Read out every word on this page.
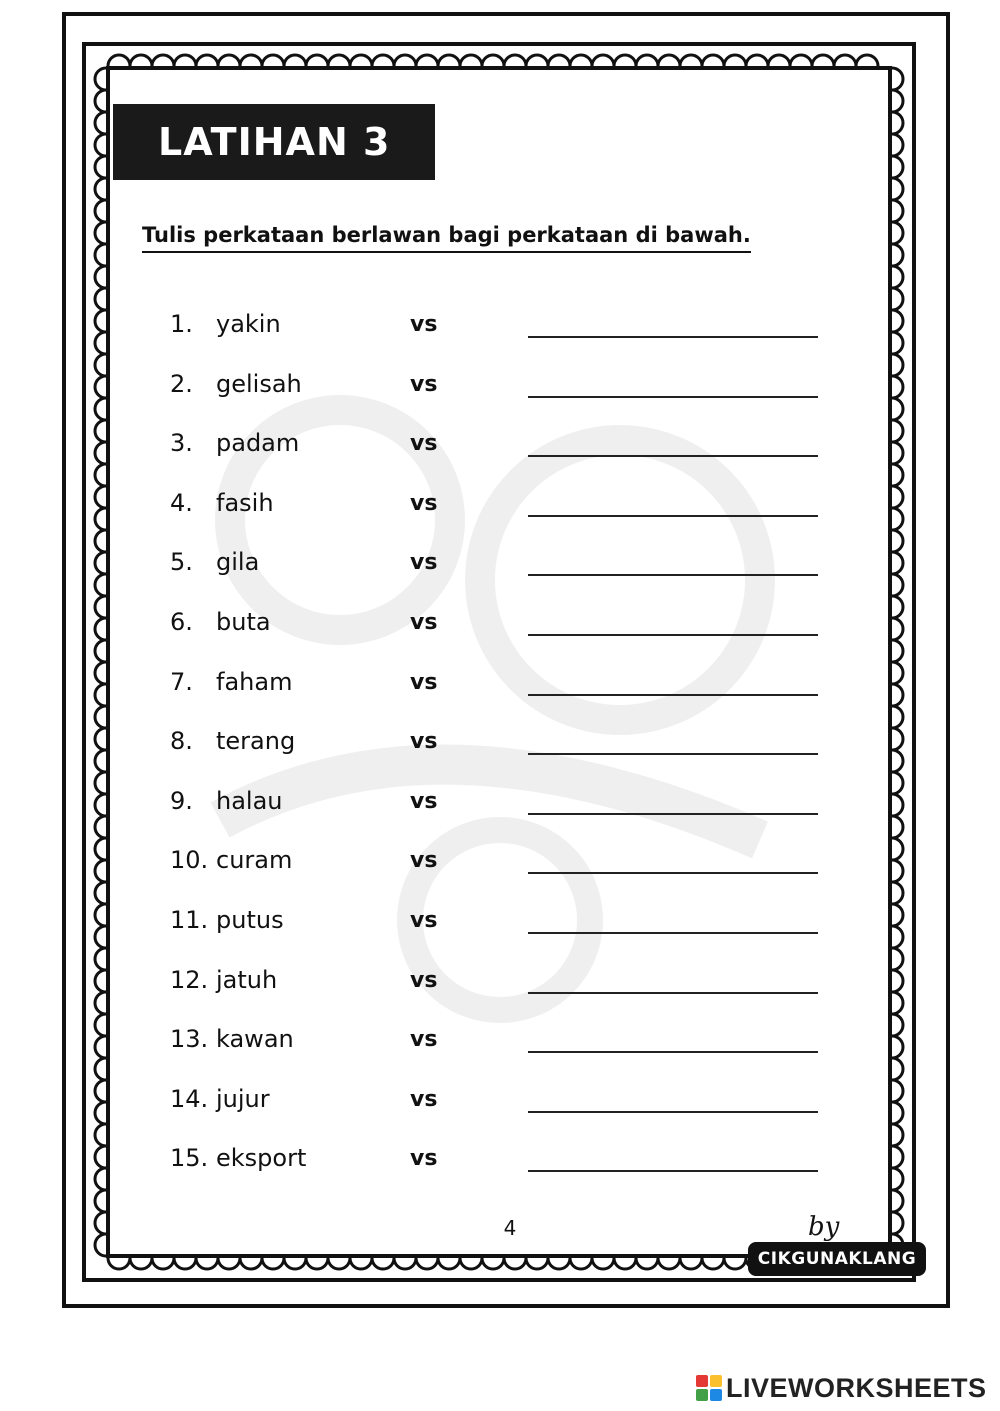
LATIHAN 3
Tulis perkataan berlawan bagi perkataan di bawah.
1. yakin	vs
2. gelisah	vs
3. padam	vs
4. fasih	vs
5. gila	vs
6. buta	vs
7. faham	vs
8. terang	vs
9. halau	vs
10. curam	vs
11. putus	vs
12. jatuh	vs
13. kawan	vs
14. jujur	vs
15. eksport	vs
4	by
CIKGUNAKLANG
LIVEWORKSHEETS
